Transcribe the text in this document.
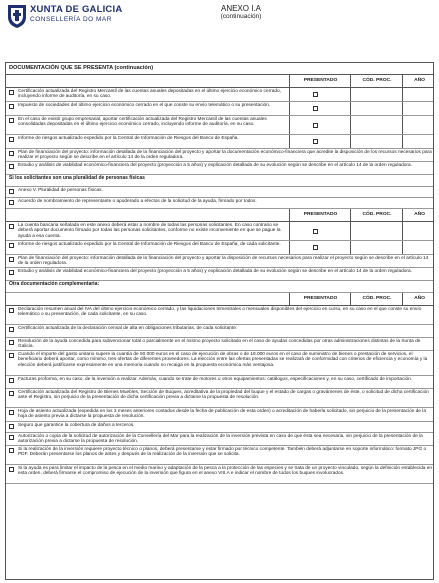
XUNTA DE GALICIA
CONSELLERÍA DO MAR
ANEXO I.A
(continuación)
DOCUMENTACIÓN QUE SE PRESENTA (continuación)
PRESENTADO	CÓD. PROC.	AÑO
Certificación actualizada del Registro Mercantil de las cuentas anuales depositadas en el último ejercicio económico cerrado, incluyendo informe de auditoría, en su caso.
Impuesto de sociedades del último ejercicio económico cerrado en el que conste su envío telemático o su presentación.
En el caso de existir grupo empresarial, aportar certificación actualizada del Registro Mercantil de las cuentas anuales consolidadas depositadas en el último ejercicio económico cerrado, incluyendo informe de auditoría, en su caso.
Informe de riesgos actualizado expedido por la Central de Información de Riesgos del Banco de España.
Plan de financiación del proyecto: información detallada de la financiación del proyecto y aportar la documentación económico-financiera que acredite la disposición de los recursos necesarios para realizar el proyecto según se describe en el artículo 14 de la orden reguladora.
Estudio y análisis de viabilidad económico-financiera del proyecto (proyección a 5 años) y explicación detallada de su evolución según se describe en el artículo 14 de la orden reguladora.
Si los solicitantes son una pluralidad de personas físicas
Anexo V. Pluralidad de personas físicas.
Acuerdo de nombramiento de representante o apoderado a efectos de la solicitud de la ayuda, firmado por todos.
PRESENTADO	CÓD. PROC.	AÑO
La cuenta bancaria señalada en este anexo deberá estar a nombre de todas las personas solicitantes. En caso contrario se deberá aportar documento firmado por todas las personas solicitantes, conforme no existe inconveniente en que se pague la ayuda a esa cuenta.
Informe de riesgos actualizado expedido por la Central de Información de Riesgos del Banco de España, de cada solicitante.
Plan de financiación del proyecto: información detallada de la financiación del proyecto y aportar la disposición de recursos necesarios para realizar el proyecto según se describe en el artículo 14 de la orden reguladora.
Estudio y análisis de viabilidad económico-financiera del proyecto (proyección a 5 años) y explicación detallada de su evolución según se describe en el artículo 14 de la orden reguladora.
Otra documentación complementaria:
PRESENTADO	CÓD. PROC.	AÑO
Declaración resumen anual del IVA del último ejercicio económico cerrado, y las liquidaciones trimestrales o mensuales disponibles del ejercicio en curso, en su caso en el que conste su envío telemático o su presentación, de cada solicitante, en su caso.
Certificación actualizada de la declaración censal de alta en obligaciones tributarias, de cada solicitante.
Resolución de la ayuda concedida para subvencionar total o parcialmente en el mismo proyecto solicitado en el caso de ayudas concedidas por otras administraciones distintas de la Xunta de Galicia.
Cuando el importe del gasto unitario supere la cuantía de 50.000 euros en el caso de ejecución de obras o de 18.000 euros en el caso de suministro de bienes o prestación de servicios, el beneficiario deberá aportar, como mínimo, tres ofertas de diferentes proveedores. La elección entre las ofertas presentadas se realizará de conformidad con criterios de eficiencia y economía y la elección deberá justificarse expresamente en una memoria cuando no recaiga en la propuesta económica más ventajosa.
Facturas proforma, en su caso, de la inversión a realizar. Además, cuando se trate de motores u otros equipamientos: catálogos, especificaciones y, en su caso, certificado de importación.
Certificación actualizada del Registro de Bienes Muebles, Sección de Buques, acreditativa de la propiedad del buque y el estado de cargas o gravámenes de éste, o solicitud de dicha certificación ante el Registro, sin perjuicio de la presentación de dicha certificación previa a dictarse la propuesta de resolución.
Hoja de asiento actualizada (expedida en los 3 meses anteriores contados desde la fecha de publicación de esta orden) o acreditación de haberla solicitado, sin perjuicio de la presentación de la hoja de asiento previa a dictarse la propuesta de resolución.
Seguro que garantice la cobertura de daños a terceros.
Autorización o copia de la solicitud de autorización de la Consellería del Mar para la realización de la inversión prevista en caso de que ésta sea necesaria, sin perjuicio de la presentación de la autorización previa a dictarse la propuesta de resolución.
Si la realización de la inversión requiere proyecto técnico o planos, deberá presentarse y estar firmado por técnico competente. También deberá adjuntarse en soporte informático: formato JPG o PDF. Deberán presentarse los planos de antes y después de la realización de la inversión que se solicita.
Si la ayuda es para limitar el impacto de la pesca en el medio marino y adaptación de la pesca a la protección de las especies y se trata de un proyecto vinculado, según la definición establecida en esta orden, deberá firmarse el compromiso de ejecución de la inversión que figura en el anexo VIII.A e indicar el nombre de todos los buques involucrados.
